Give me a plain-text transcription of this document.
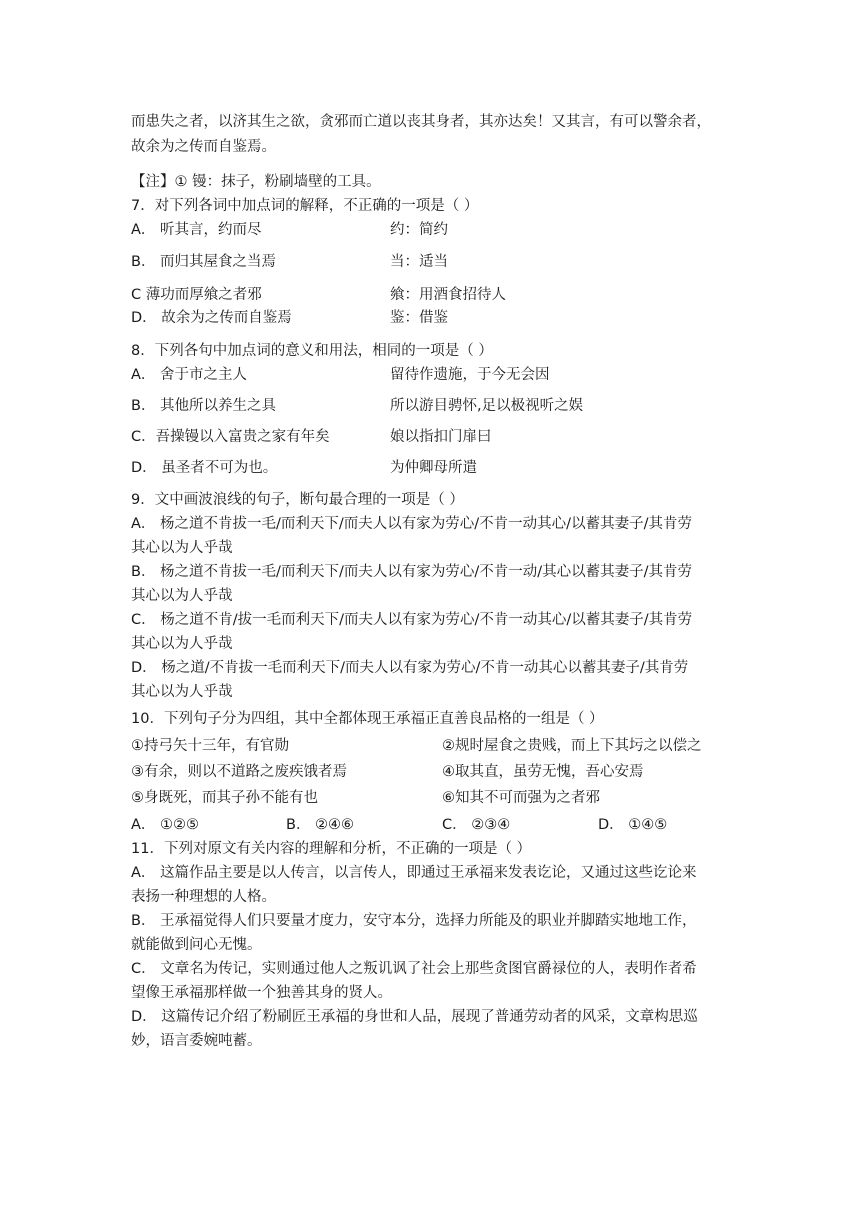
而患失之者，以济其生之欲，贪邪而亡道以丧其身者，其亦达矣！又其言，有可以警余者，
故余为之传而自鉴焉。
【注】① 镘：抹子，粉刷墙壁的工具。
7．对下列各词中加点词的解释，不正确的一项是（ ）
A． 听其言，约而尽	约：简约
B． 而归其屋食之当焉	当：适当
C 薄功而厚飨之者邪	飨：用酒食招待人
D． 故余为之传而自鉴焉	鉴：借鉴
8．下列各句中加点词的意义和用法，相同的一项是（ ）
A． 舍于市之主人	留待作遗施，于今无会因
B． 其他所以养生之具	所以游目骋怀,足以极视听之娱
C．吾操镘以入富贵之家有年矣	娘以指扣门扉曰
D． 虽圣者不可为也。	为仲卿母所遣
9．文中画波浪线的句子，断句最合理的一项是（ ）
A． 杨之道不肯拔一毛/而利天下/而夫人以有家为劳心/不肯一动其心/以蓄其妻子/其肯劳
其心以为人乎哉
B． 杨之道不肯拔一毛/而利天下/而夫人以有家为劳心/不肯一动/其心以蓄其妻子/其肯劳
其心以为人乎哉
C． 杨之道不肯/拔一毛而利天下/而夫人以有家为劳心/不肯一动其心/以蓄其妻子/其肯劳
其心以为人乎哉
D． 杨之道/不肯拔一毛而利天下/而夫人以有家为劳心/不肯一动其心以蓄其妻子/其肯劳
其心以为人乎哉
10．下列句子分为四组，其中全都体现王承福正直善良品格的一组是（ ）
①持弓矢十三年，有官勋	②规时屋食之贵贱，而上下其圬之以偿之
③有余，则以不道路之废疾饿者焉	④取其直，虽劳无愧，吾心安焉
⑤身既死，而其子孙不能有也	⑥知其不可而强为之者邪
A． ①②⑤	B． ②④⑥	C． ②③④	D． ①④⑤
11．下列对原文有关内容的理解和分析，不正确的一项是（ ）
A． 这篇作品主要是以人传言，以言传人，即通过王承福来发表讫论，又通过这些讫论来
表扬一种理想的人格。
B． 王承福觉得人们只要量才度力，安守本分，选择力所能及的职业并脚踏实地地工作，
就能做到问心无愧。
C． 文章名为传记，实则通过他人之叛讥讽了社会上那些贪图官爵禄位的人，表明作者希
望像王承福那样做一个独善其身的贤人。
D． 这篇传记介绍了粉刷匠王承福的身世和人品，展现了普通劳动者的风采，文章构思巡
妙，语言委婉吨蓄。
